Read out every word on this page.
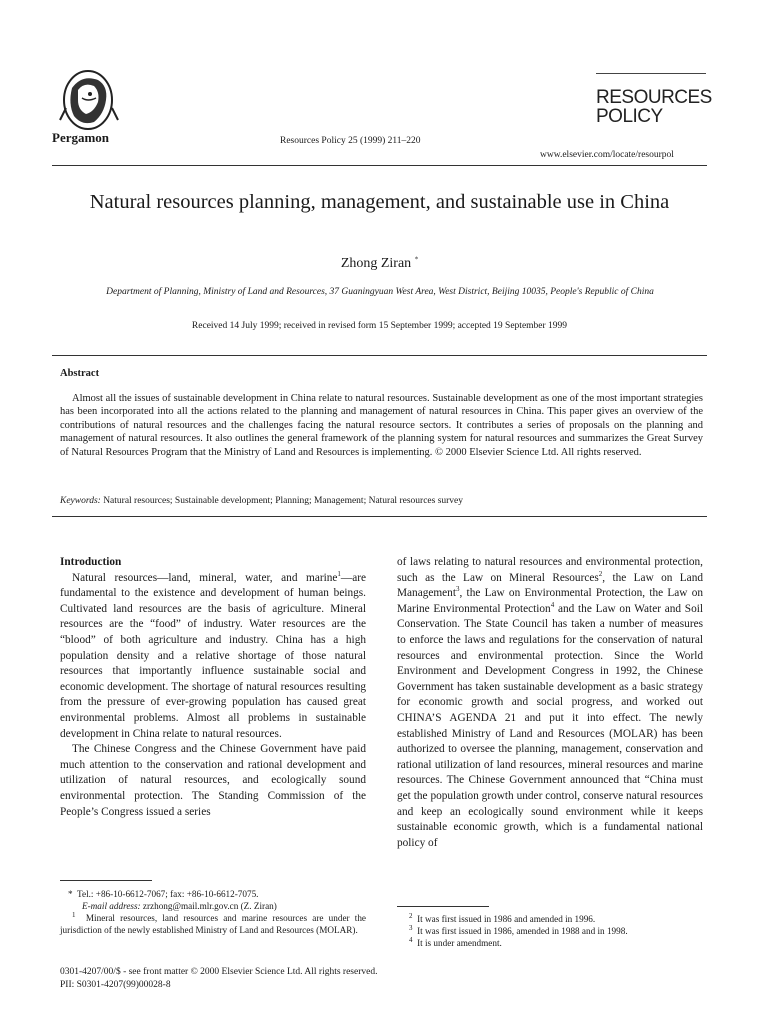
Pergamon	Resources Policy 25 (1999) 211–220
RESOURCES
POLICY
www.elsevier.com/locate/resourpol
Natural resources planning, management, and sustainable use in China
Zhong Ziran *
Department of Planning, Ministry of Land and Resources, 37 Guaningyuan West Area, West District, Beijing 10035, People's Republic of China
Received 14 July 1999; received in revised form 15 September 1999; accepted 19 September 1999
Abstract
Almost all the issues of sustainable development in China relate to natural resources. Sustainable development as one of the most important strategies has been incorporated into all the actions related to the planning and management of natural resources in China. This paper gives an overview of the contributions of natural resources and the challenges facing the natural resource sectors. It contributes a series of proposals on the planning and management of natural resources. It also outlines the general framework of the planning system for natural resources and summarizes the Great Survey of Natural Resources Program that the Ministry of Land and Resources is implementing. © 2000 Elsevier Science Ltd. All rights reserved.
Keywords: Natural resources; Sustainable development; Planning; Management; Natural resources survey

Introduction

Natural resources—land, mineral, water, and marine$^1$—are fundamental to the existence and development of human beings. Cultivated land resources are the basis of agriculture. Mineral resources are the “food” of industry. Water resources are the “blood” of both agriculture and industry. China has a high population density and a relative shortage of those natural resources that importantly influence sustainable social and economic development. The shortage of natural resources resulting from the pressure of ever-growing population has caused great environmental problems. Almost all problems in sustainable development in China relate to natural resources.

The Chinese Congress and the Chinese Government have paid much attention to the conservation and rational development and utilization of natural resources, and ecologically sound environmental protection. The Standing Commission of the People’s Congress issued a series

of laws relating to natural resources and environmental protection, such as the Law on Mineral Resources$^2$, the Law on Land Management$^3$, the Law on Environmental Protection, the Law on Marine Environmental Protection$^4$ and the Law on Water and Soil Conservation. The State Council has taken a number of measures to enforce the laws and regulations for the conservation of natural resources and environmental protection. Since the World Environment and Development Congress in 1992, the Chinese Government has taken sustainable development as a basic strategy for economic growth and social progress, and worked out CHINA’S AGENDA 21 and put it into effect. The newly established Ministry of Land and Resources (MOLAR) has been authorized to oversee the planning, management, conservation and rational utilization of land resources, mineral resources and marine resources. The Chinese Government announced that “China must get the population growth under control, conserve natural resources and keep an ecologically sound environment while it keeps sustainable economic growth, which is a fundamental national policy of

* Tel.: +86-10-6612-7067; fax: +86-10-6612-7075.

E-mail address: zrzhong@mail.mlr.gov.cn (Z. Ziran)

$^1$ Mineral resources, land resources and marine resources are under the jurisdiction of the newly established Ministry of Land and Resources (MOLAR).

$^2$ It was first issued in 1986 and amended in 1996.

$^3$ It was first issued in 1986, amended in 1988 and in 1998.

$^4$ It is under amendment.

0301-4207/00/$ - see front matter © 2000 Elsevier Science Ltd. All rights reserved.
PII: S0301-4207(99)00028-8
